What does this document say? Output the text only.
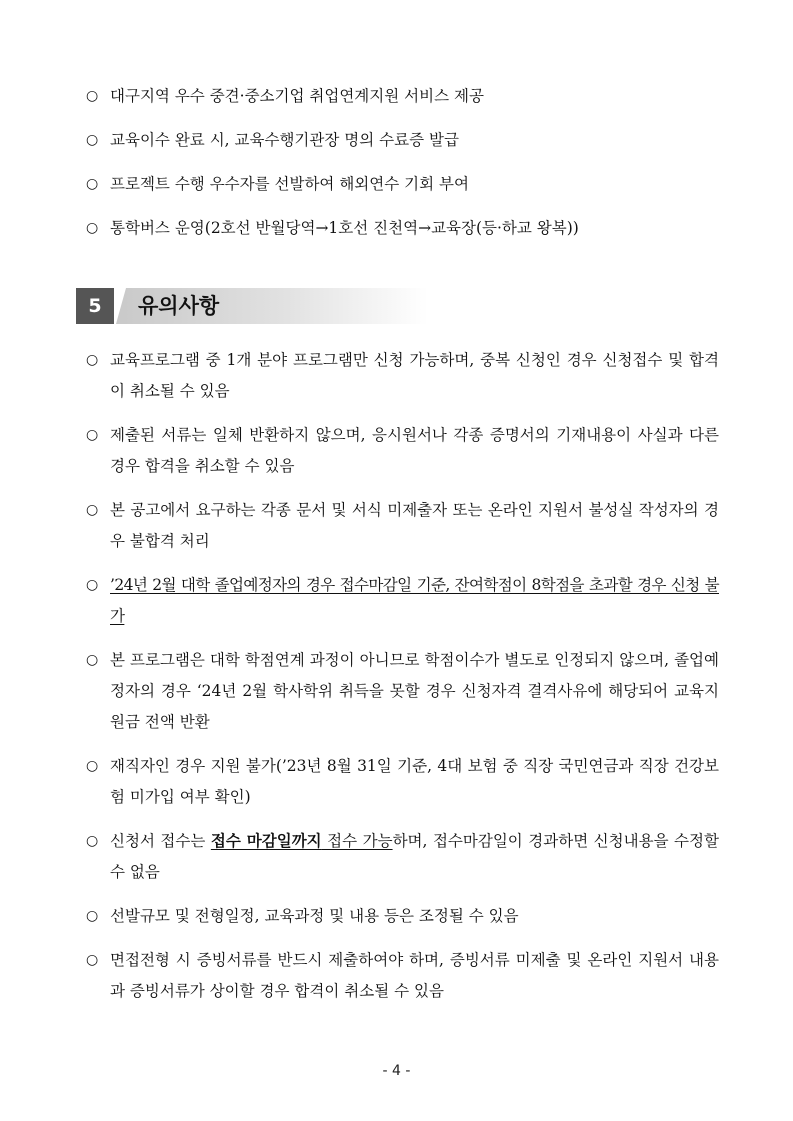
○ 대구지역 우수 중견·중소기업 취업연계지원 서비스 제공
○ 교육이수 완료 시, 교육수행기관장 명의 수료증 발급
○ 프로젝트 수행 우수자를 선발하여 해외연수 기회 부여
○ 통학버스 운영(2호선 반월당역→1호선 진천역→교육장(등·하교 왕복))
5	유의사항
○ 교육프로그램 중 1개 분야 프로그램만 신청 가능하며, 중복 신청인 경우 신청접수 및 합격이 취소될 수 있음
○ 제출된 서류는 일체 반환하지 않으며, 응시원서나 각종 증명서의 기재내용이 사실과 다른 경우 합격을 취소할 수 있음
○ 본 공고에서 요구하는 각종 문서 및 서식 미제출자 또는 온라인 지원서 불성실 작성자의 경우 불합격 처리
○ ’24년 2월 대학 졸업예정자의 경우 접수마감일 기준, 잔여학점이 8학점을 초과할 경우 신청 불가
○ 본 프로그램은 대학 학점연계 과정이 아니므로 학점이수가 별도로 인정되지 않으며, 졸업예정자의 경우 ‘24년 2월 학사학위 취득을 못할 경우 신청자격 결격사유에 해당되어 교육지원금 전액 반환
○ 재직자인 경우 지원 불가(’23년 8월 31일 기준, 4대 보험 중 직장 국민연금과 직장 건강보험 미가입 여부 확인)
○ 신청서 접수는 접수 마감일까지 접수 가능하며, 접수마감일이 경과하면 신청내용을 수정할 수 없음
○ 선발규모 및 전형일정, 교육과정 및 내용 등은 조정될 수 있음
○ 면접전형 시 증빙서류를 반드시 제출하여야 하며, 증빙서류 미제출 및 온라인 지원서 내용과 증빙서류가 상이할 경우 합격이 취소될 수 있음
- 4 -
